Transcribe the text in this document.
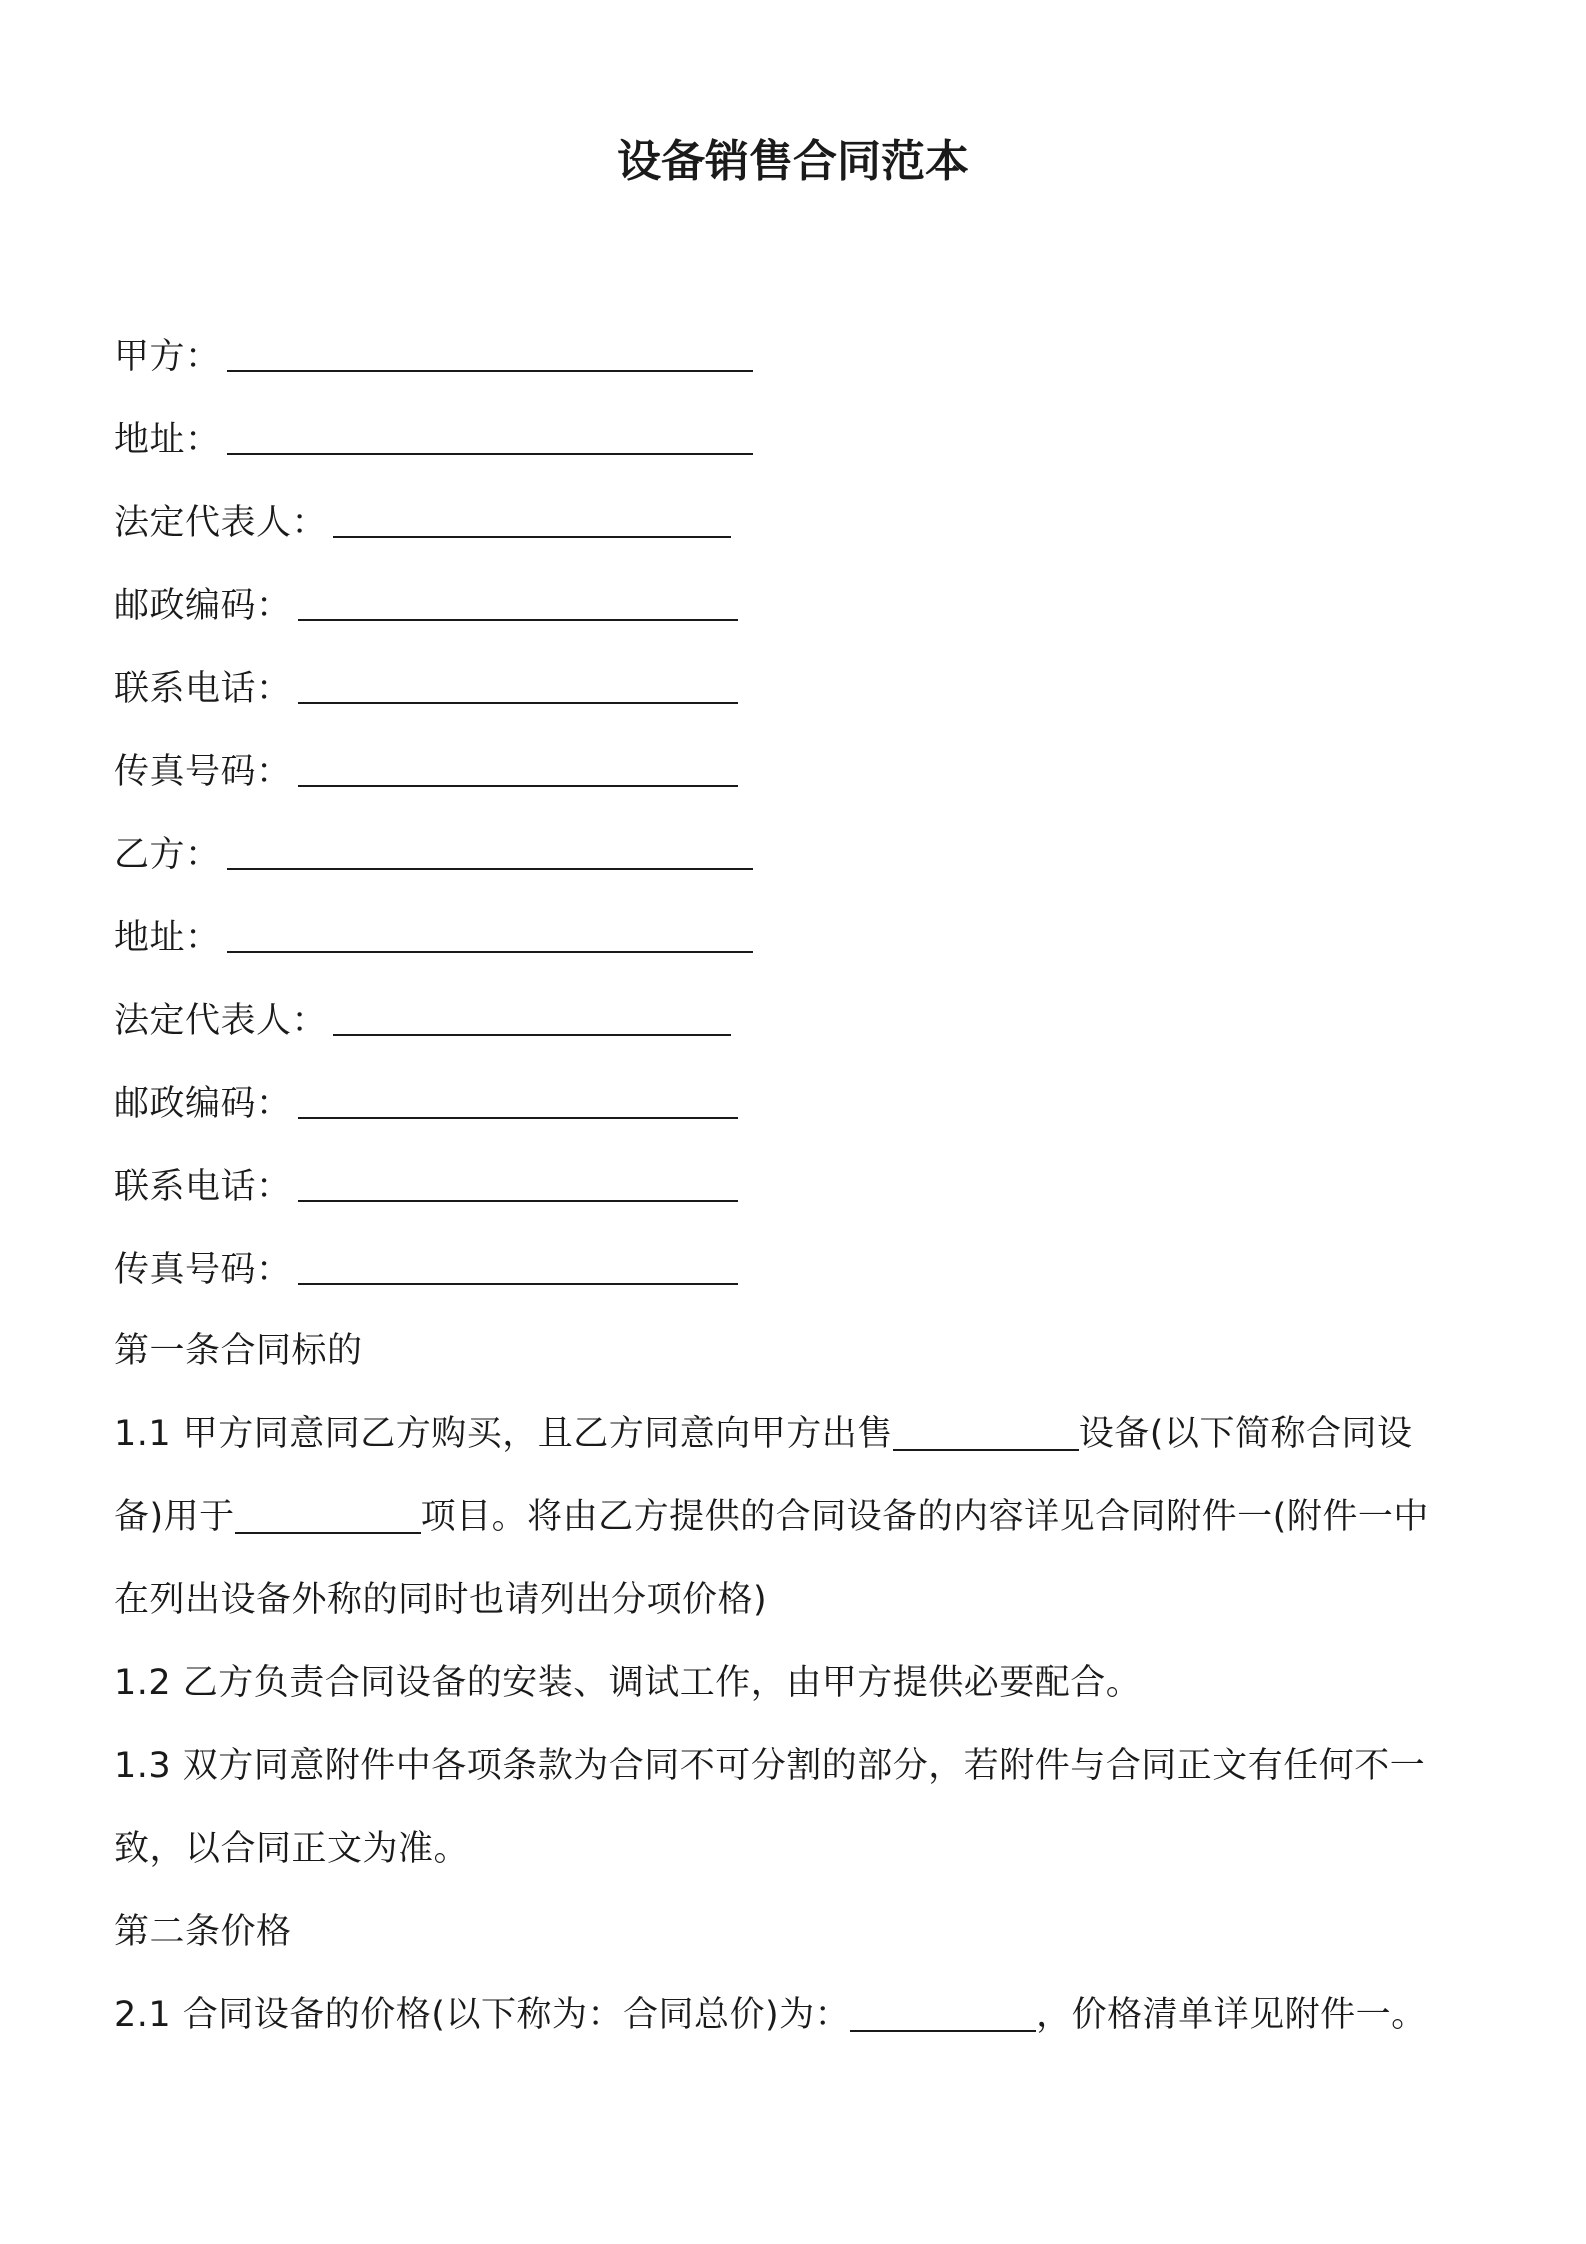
设备销售合同范本
甲方：
地址：
法定代表人：
邮政编码：
联系电话：
传真号码：
乙方：
地址：
法定代表人：
邮政编码：
联系电话：
传真号码：
第一条合同标的
1.1 甲方同意同乙方购买，且乙方同意向甲方出售	设备(以下简称合同设
备)用于	项目。将由乙方提供的合同设备的内容详见合同附件一(附件一中
在列出设备外称的同时也请列出分项价格)
1.2 乙方负责合同设备的安装、调试工作，由甲方提供必要配合。
1.3 双方同意附件中各项条款为合同不可分割的部分，若附件与合同正文有任何不一
致，以合同正文为准。
第二条价格
2.1 合同设备的价格(以下称为：合同总价)为：	，价格清单详见附件一。
